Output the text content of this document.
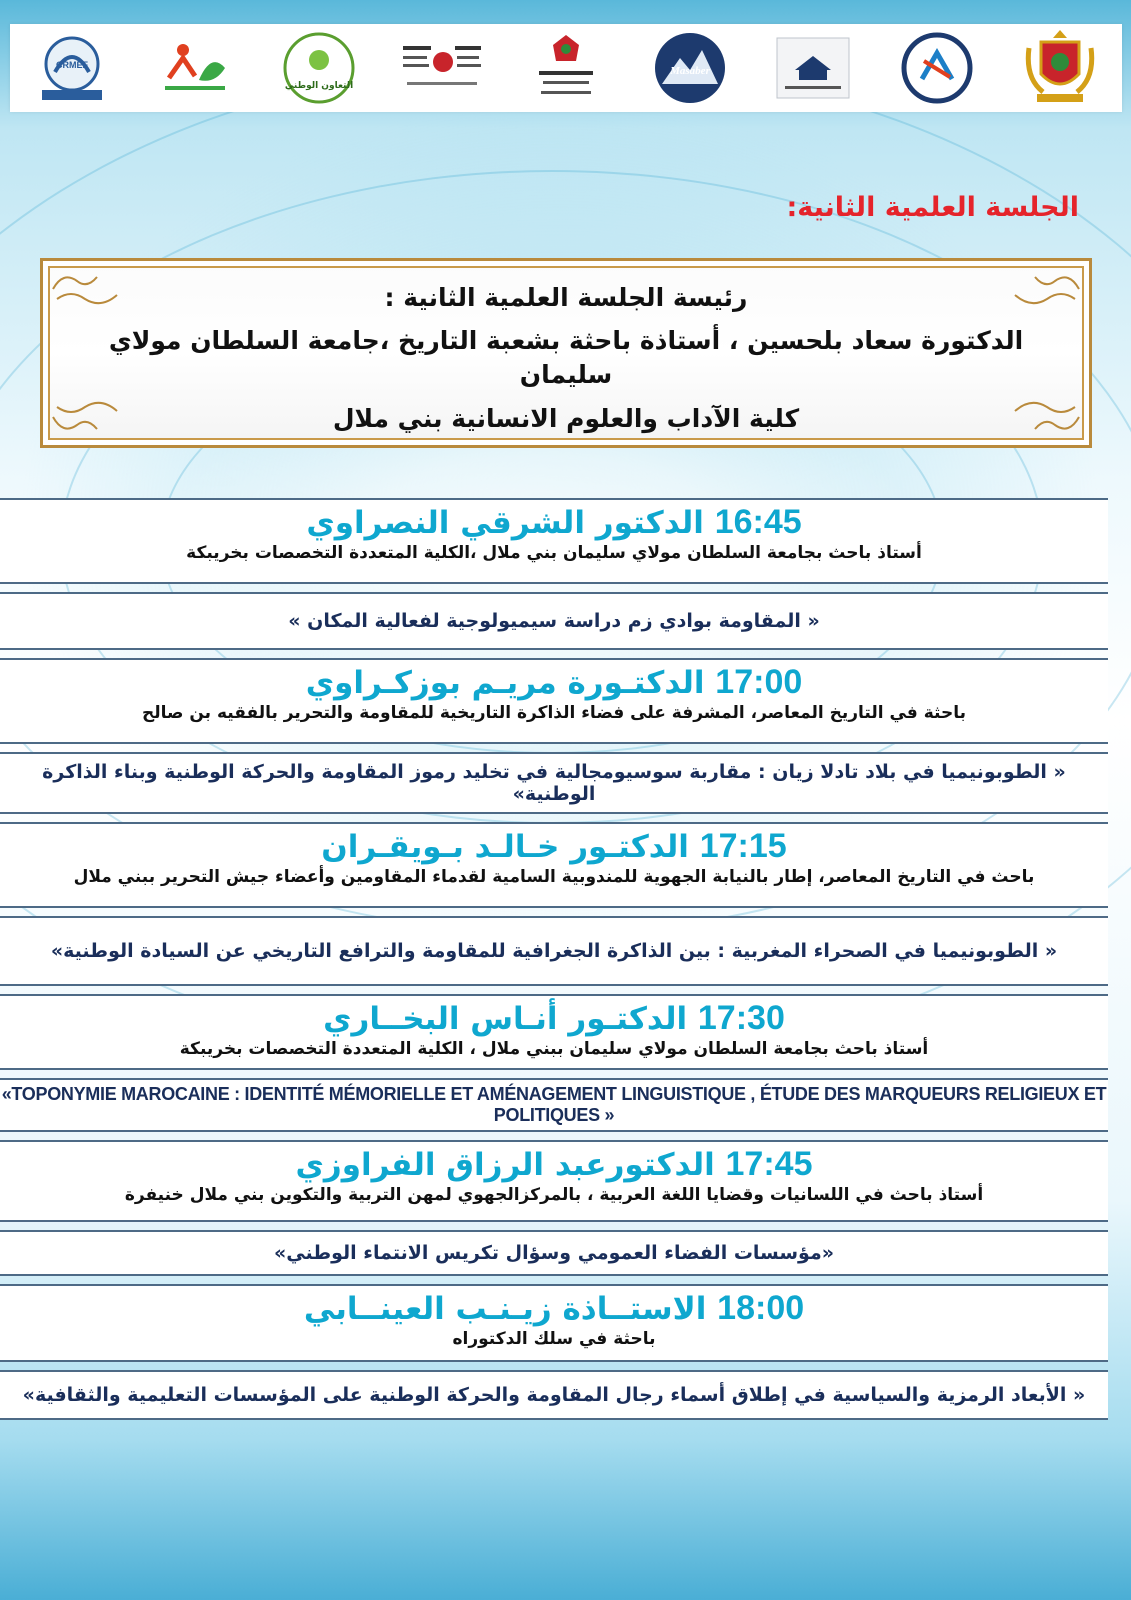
CRMEF
التعاون الوطني
Masaber
الجلسة العلمية الثانية:
رئيسة الجلسة العلمية الثانية :
الدكتورة سعاد بلحسين ، أستاذة باحثة بشعبة التاريخ ،جامعة السلطان مولاي سليمان
كلية الآداب والعلوم الانسانية بني ملال
16:45 الدكتور الشرقي النصراوي
أستاذ باحث بجامعة السلطان مولاي سليمان بني ملال ،الكلية المتعددة التخصصات بخريبكة
« المقاومة بوادي زم دراسة سيميولوجية لفعالية المكان »
17:00 الدكتـورة مريـم بوزكـراوي
باحثة في التاريخ المعاصر، المشرفة على فضاء الذاكرة التاريخية للمقاومة والتحرير بالفقيه بن صالح
« الطوبونيميا في بلاد تادلا زيان : مقاربة سوسيومجالية في تخليد رموز المقاومة والحركة الوطنية وبناء الذاكرة الوطنية»
17:15 الدكتـور خـالـد بـويقـران
باحث في التاريخ المعاصر، إطار بالنيابة الجهوية للمندوبية السامية لقدماء المقاومين وأعضاء جيش التحرير ببني ملال
« الطوبونيميا في الصحراء المغربية : بين الذاكرة الجغرافية للمقاومة والترافع التاريخي عن السيادة الوطنية»
17:30 الدكتـور أنـاس البخــاري
أستاذ باحث بجامعة السلطان مولاي سليمان ببني ملال ، الكلية المتعددة التخصصات بخريبكة
«TOPONYMIE MAROCAINE : IDENTITÉ MÉMORIELLE ET AMÉNAGEMENT LINGUISTIQUE , ÉTUDE DES MARQUEURS RELIGIEUX ET POLITIQUES »
17:45 الدكتورعبد الرزاق الفراوزي
أستاذ باحث في اللسانيات وقضايا اللغة العربية ، بالمركزالجهوي لمهن التربية والتكوين بني ملال خنيفرة
«مؤسسات الفضاء العمومي وسؤال تكريس الانتماء الوطني»
18:00 الاستــاذة زيـنـب العينــابي
باحثة في سلك الدكتوراه
« الأبعاد الرمزية والسياسية في إطلاق أسماء رجال المقاومة والحركة الوطنية على المؤسسات التعليمية والثقافية»
